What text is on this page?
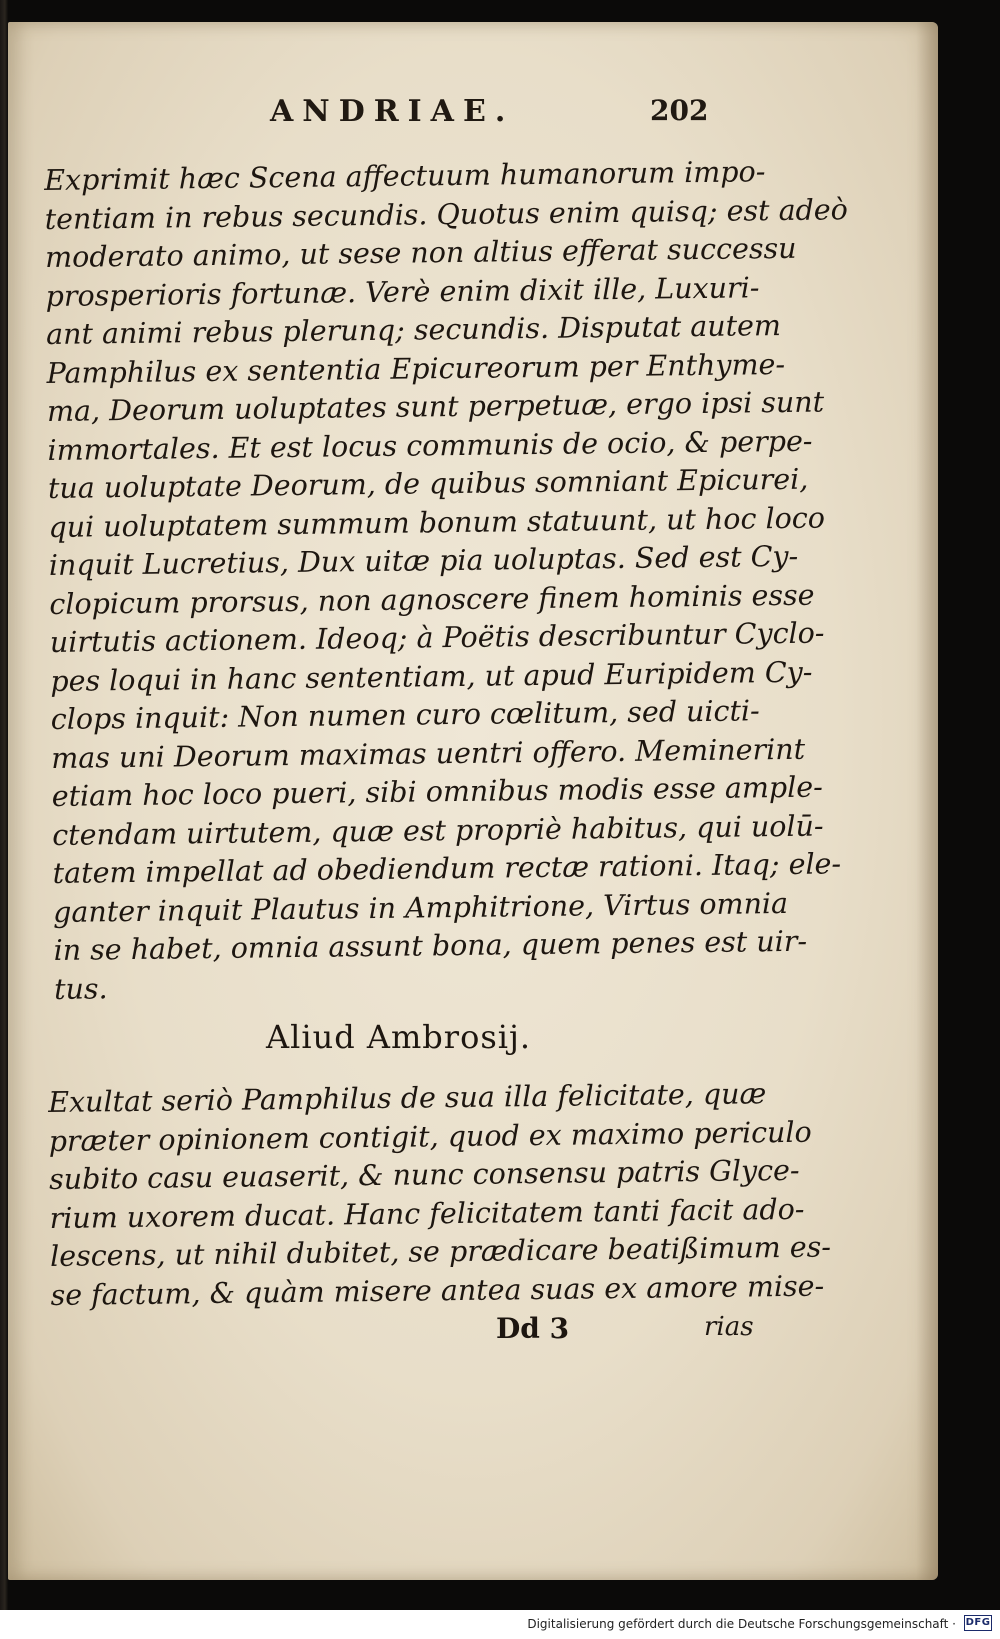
ANDRIAE.	202
Exprimit hæc Scena affectuum humanorum impo-
tentiam in rebus secundis. Quotus enim quisq; est adeò
moderato animo, ut sese non altius efferat successu
prosperioris fortunæ. Verè enim dixit ille, Luxuri-
ant animi rebus plerunq; secundis. Disputat autem
Pamphilus ex sententia Epicureorum per Enthyme-
ma, Deorum uoluptates sunt perpetuæ, ergo ipsi sunt
immortales. Et est locus communis de ocio, & perpe-
tua uoluptate Deorum, de quibus somniant Epicurei,
qui uoluptatem summum bonum statuunt, ut hoc loco
inquit Lucretius, Dux uitæ pia uoluptas. Sed est Cy-
clopicum prorsus, non agnoscere finem hominis esse
uirtutis actionem. Ideoq; à Poëtis describuntur Cyclo-
pes loqui in hanc sententiam, ut apud Euripidem Cy-
clops inquit: Non numen curo cœlitum, sed uicti-
mas uni Deorum maximas uentri offero. Meminerint
etiam hoc loco pueri, sibi omnibus modis esse ample-
ctendam uirtutem, quæ est propriè habitus, qui uolū-
tatem impellat ad obediendum rectæ rationi. Itaq; ele-
ganter inquit Plautus in Amphitrione, Virtus omnia
in se habet, omnia assunt bona, quem penes est uir-
tus.
Aliud Ambrosij.
Exultat seriò Pamphilus de sua illa felicitate, quæ
præter opinionem contigit, quod ex maximo periculo
subito casu euaserit, & nunc consensu patris Glyce-
rium uxorem ducat. Hanc felicitatem tanti facit ado-
lescens, ut nihil dubitet, se prædicare beatißimum es-
se factum, & quàm misere antea suas ex amore mise-
Dd 3	rias
Digitalisierung gefördert durch die Deutsche Forschungsgemeinschaft · DFG
